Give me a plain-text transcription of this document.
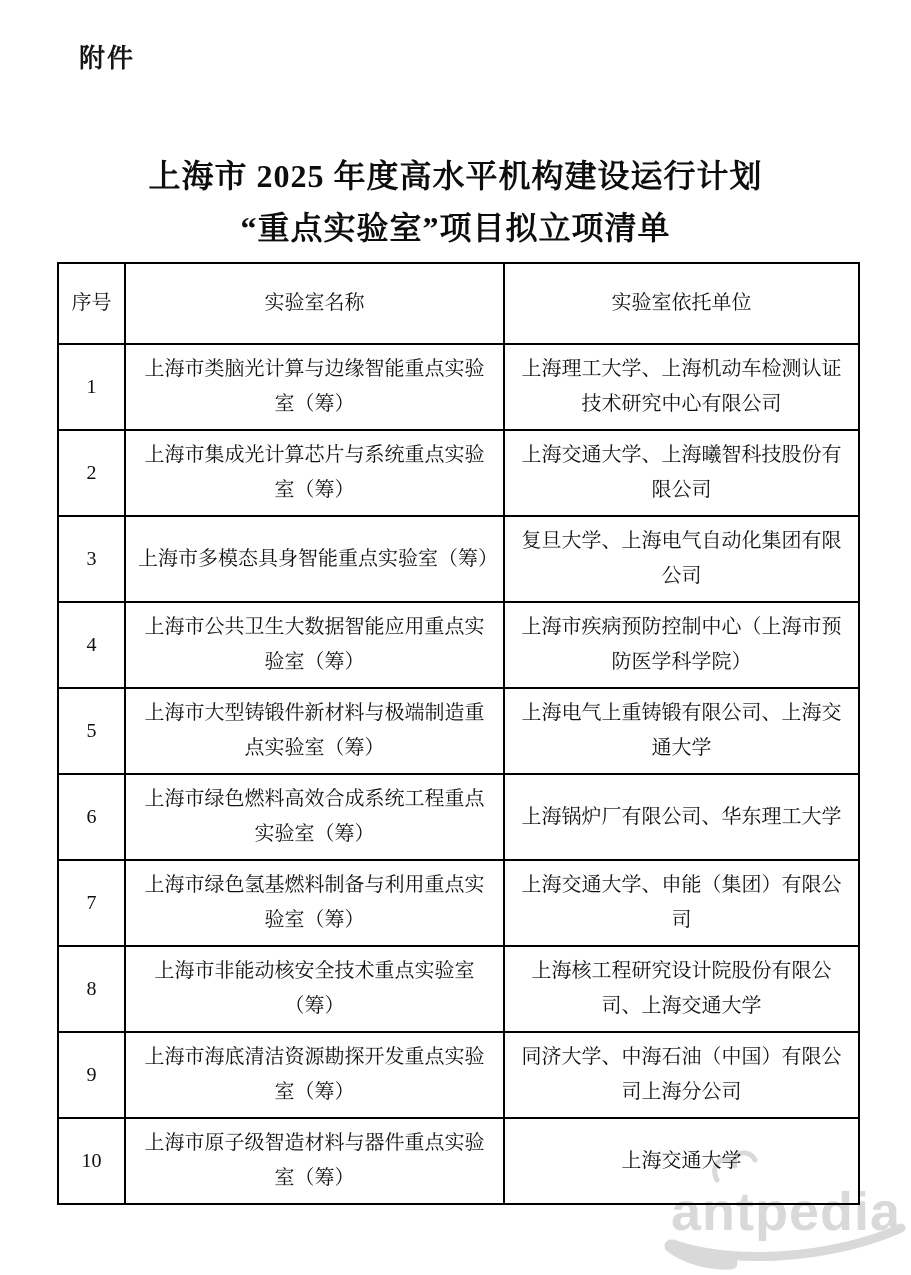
附件
上海市 2025 年度高水平机构建设运行计划
“重点实验室”项目拟立项清单
序号	实验室名称	实验室依托单位
1	上海市类脑光计算与边缘智能重点实验室（筹）	上海理工大学、上海机动车检测认证技术研究中心有限公司
2	上海市集成光计算芯片与系统重点实验室（筹）	上海交通大学、上海曦智科技股份有限公司
3	上海市多模态具身智能重点实验室（筹）	复旦大学、上海电气自动化集团有限公司
4	上海市公共卫生大数据智能应用重点实验室（筹）	上海市疾病预防控制中心（上海市预防医学科学院）
5	上海市大型铸锻件新材料与极端制造重点实验室（筹）	上海电气上重铸锻有限公司、上海交通大学
6	上海市绿色燃料高效合成系统工程重点实验室（筹）	上海锅炉厂有限公司、华东理工大学
7	上海市绿色氢基燃料制备与利用重点实验室（筹）	上海交通大学、申能（集团）有限公司
8	上海市非能动核安全技术重点实验室（筹）	上海核工程研究设计院股份有限公司、上海交通大学
9	上海市海底清洁资源勘探开发重点实验室（筹）	同济大学、中海石油（中国）有限公司上海分公司
10	上海市原子级智造材料与器件重点实验室（筹）	上海交通大学
antpedia
